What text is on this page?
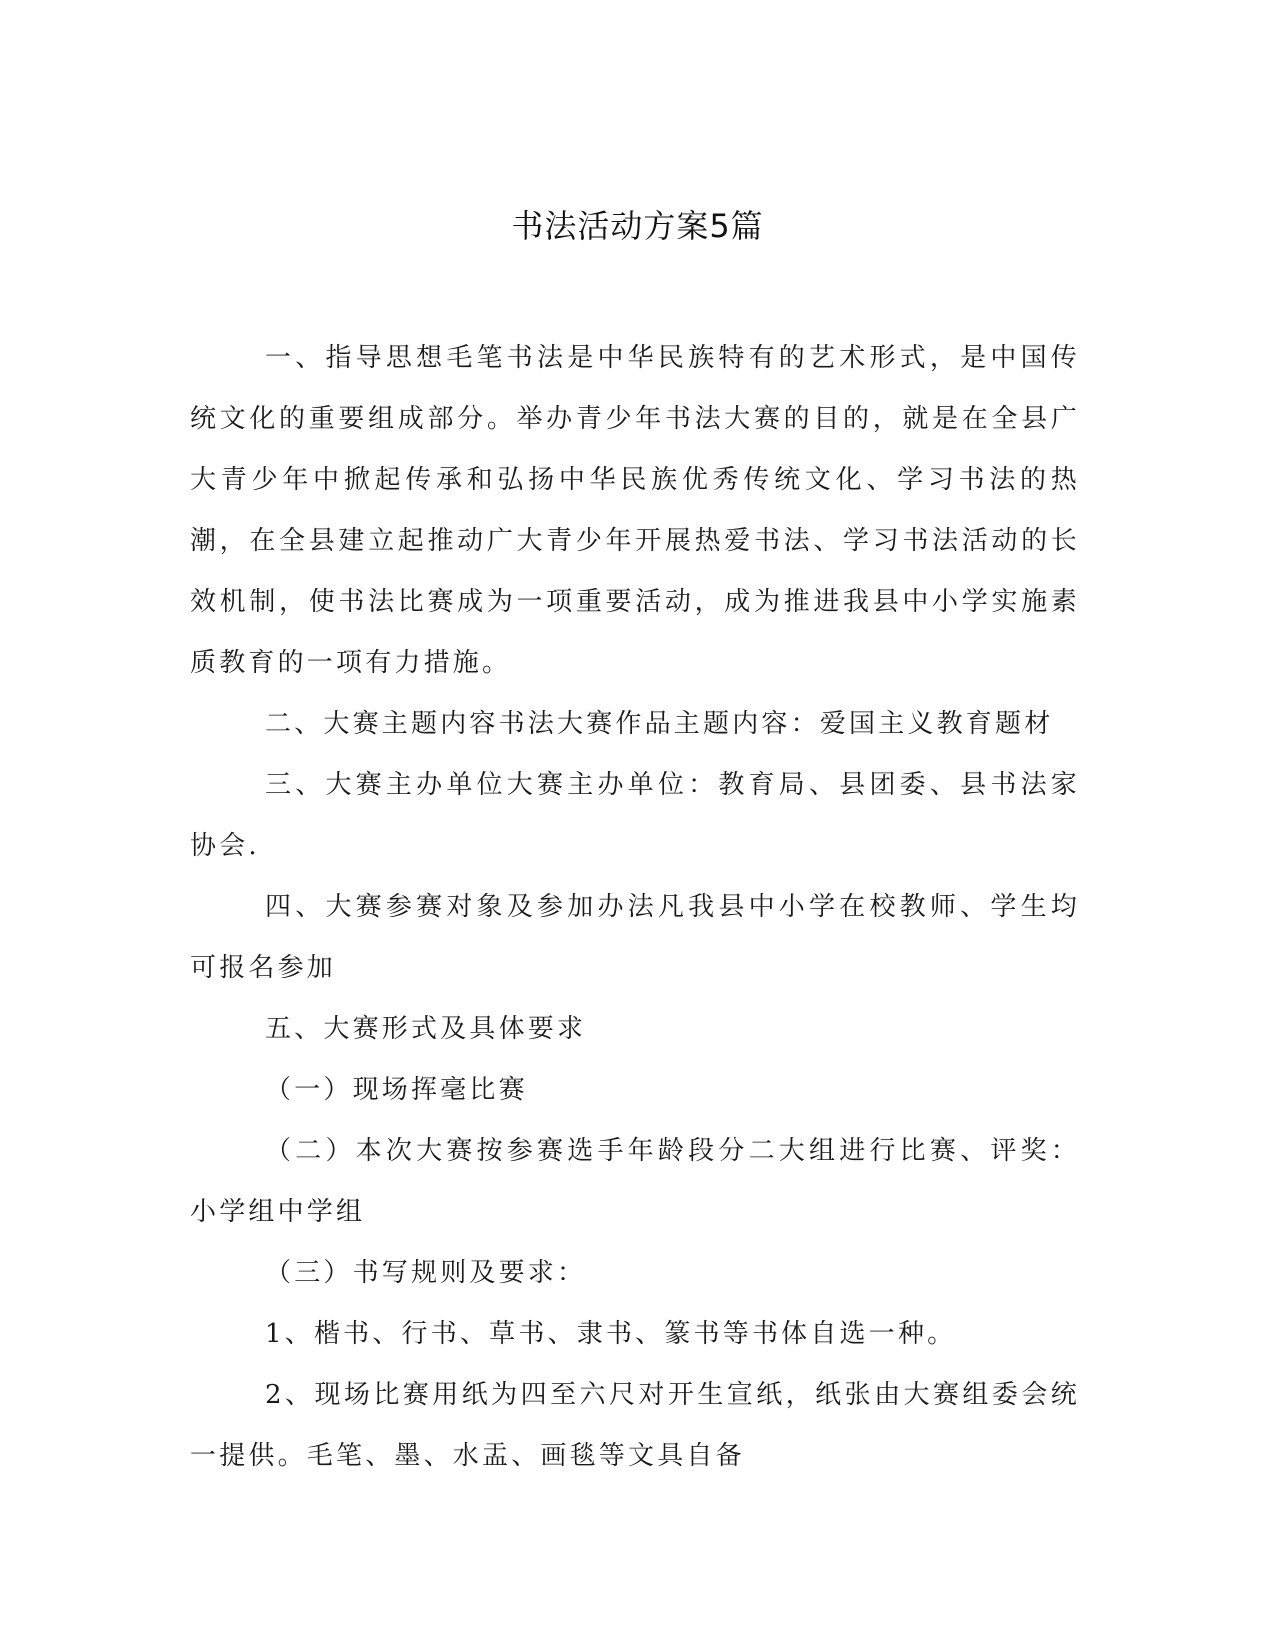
书法活动方案5篇

一、指导思想毛笔书法是中华民族特有的艺术形式，是中国传统文化的重要组成部分。举办青少年书法大赛的目的，就是在全县广大青少年中掀起传承和弘扬中华民族优秀传统文化、学习书法的热潮，在全县建立起推动广大青少年开展热爱书法、学习书法活动的长效机制，使书法比赛成为一项重要活动，成为推进我县中小学实施素质教育的一项有力措施。

二、大赛主题内容书法大赛作品主题内容：爱国主义教育题材

三、大赛主办单位大赛主办单位：教育局、县团委、县书法家协会.

四、大赛参赛对象及参加办法凡我县中小学在校教师、学生均可报名参加

五、大赛形式及具体要求

（一）现场挥毫比赛

（二）本次大赛按参赛选手年龄段分二大组进行比赛、评奖：小学组中学组

（三）书写规则及要求：

1、楷书、行书、草书、隶书、篆书等书体自选一种。

2、现场比赛用纸为四至六尺对开生宣纸，纸张由大赛组委会统一提供。毛笔、墨、水盂、画毯等文具自备
